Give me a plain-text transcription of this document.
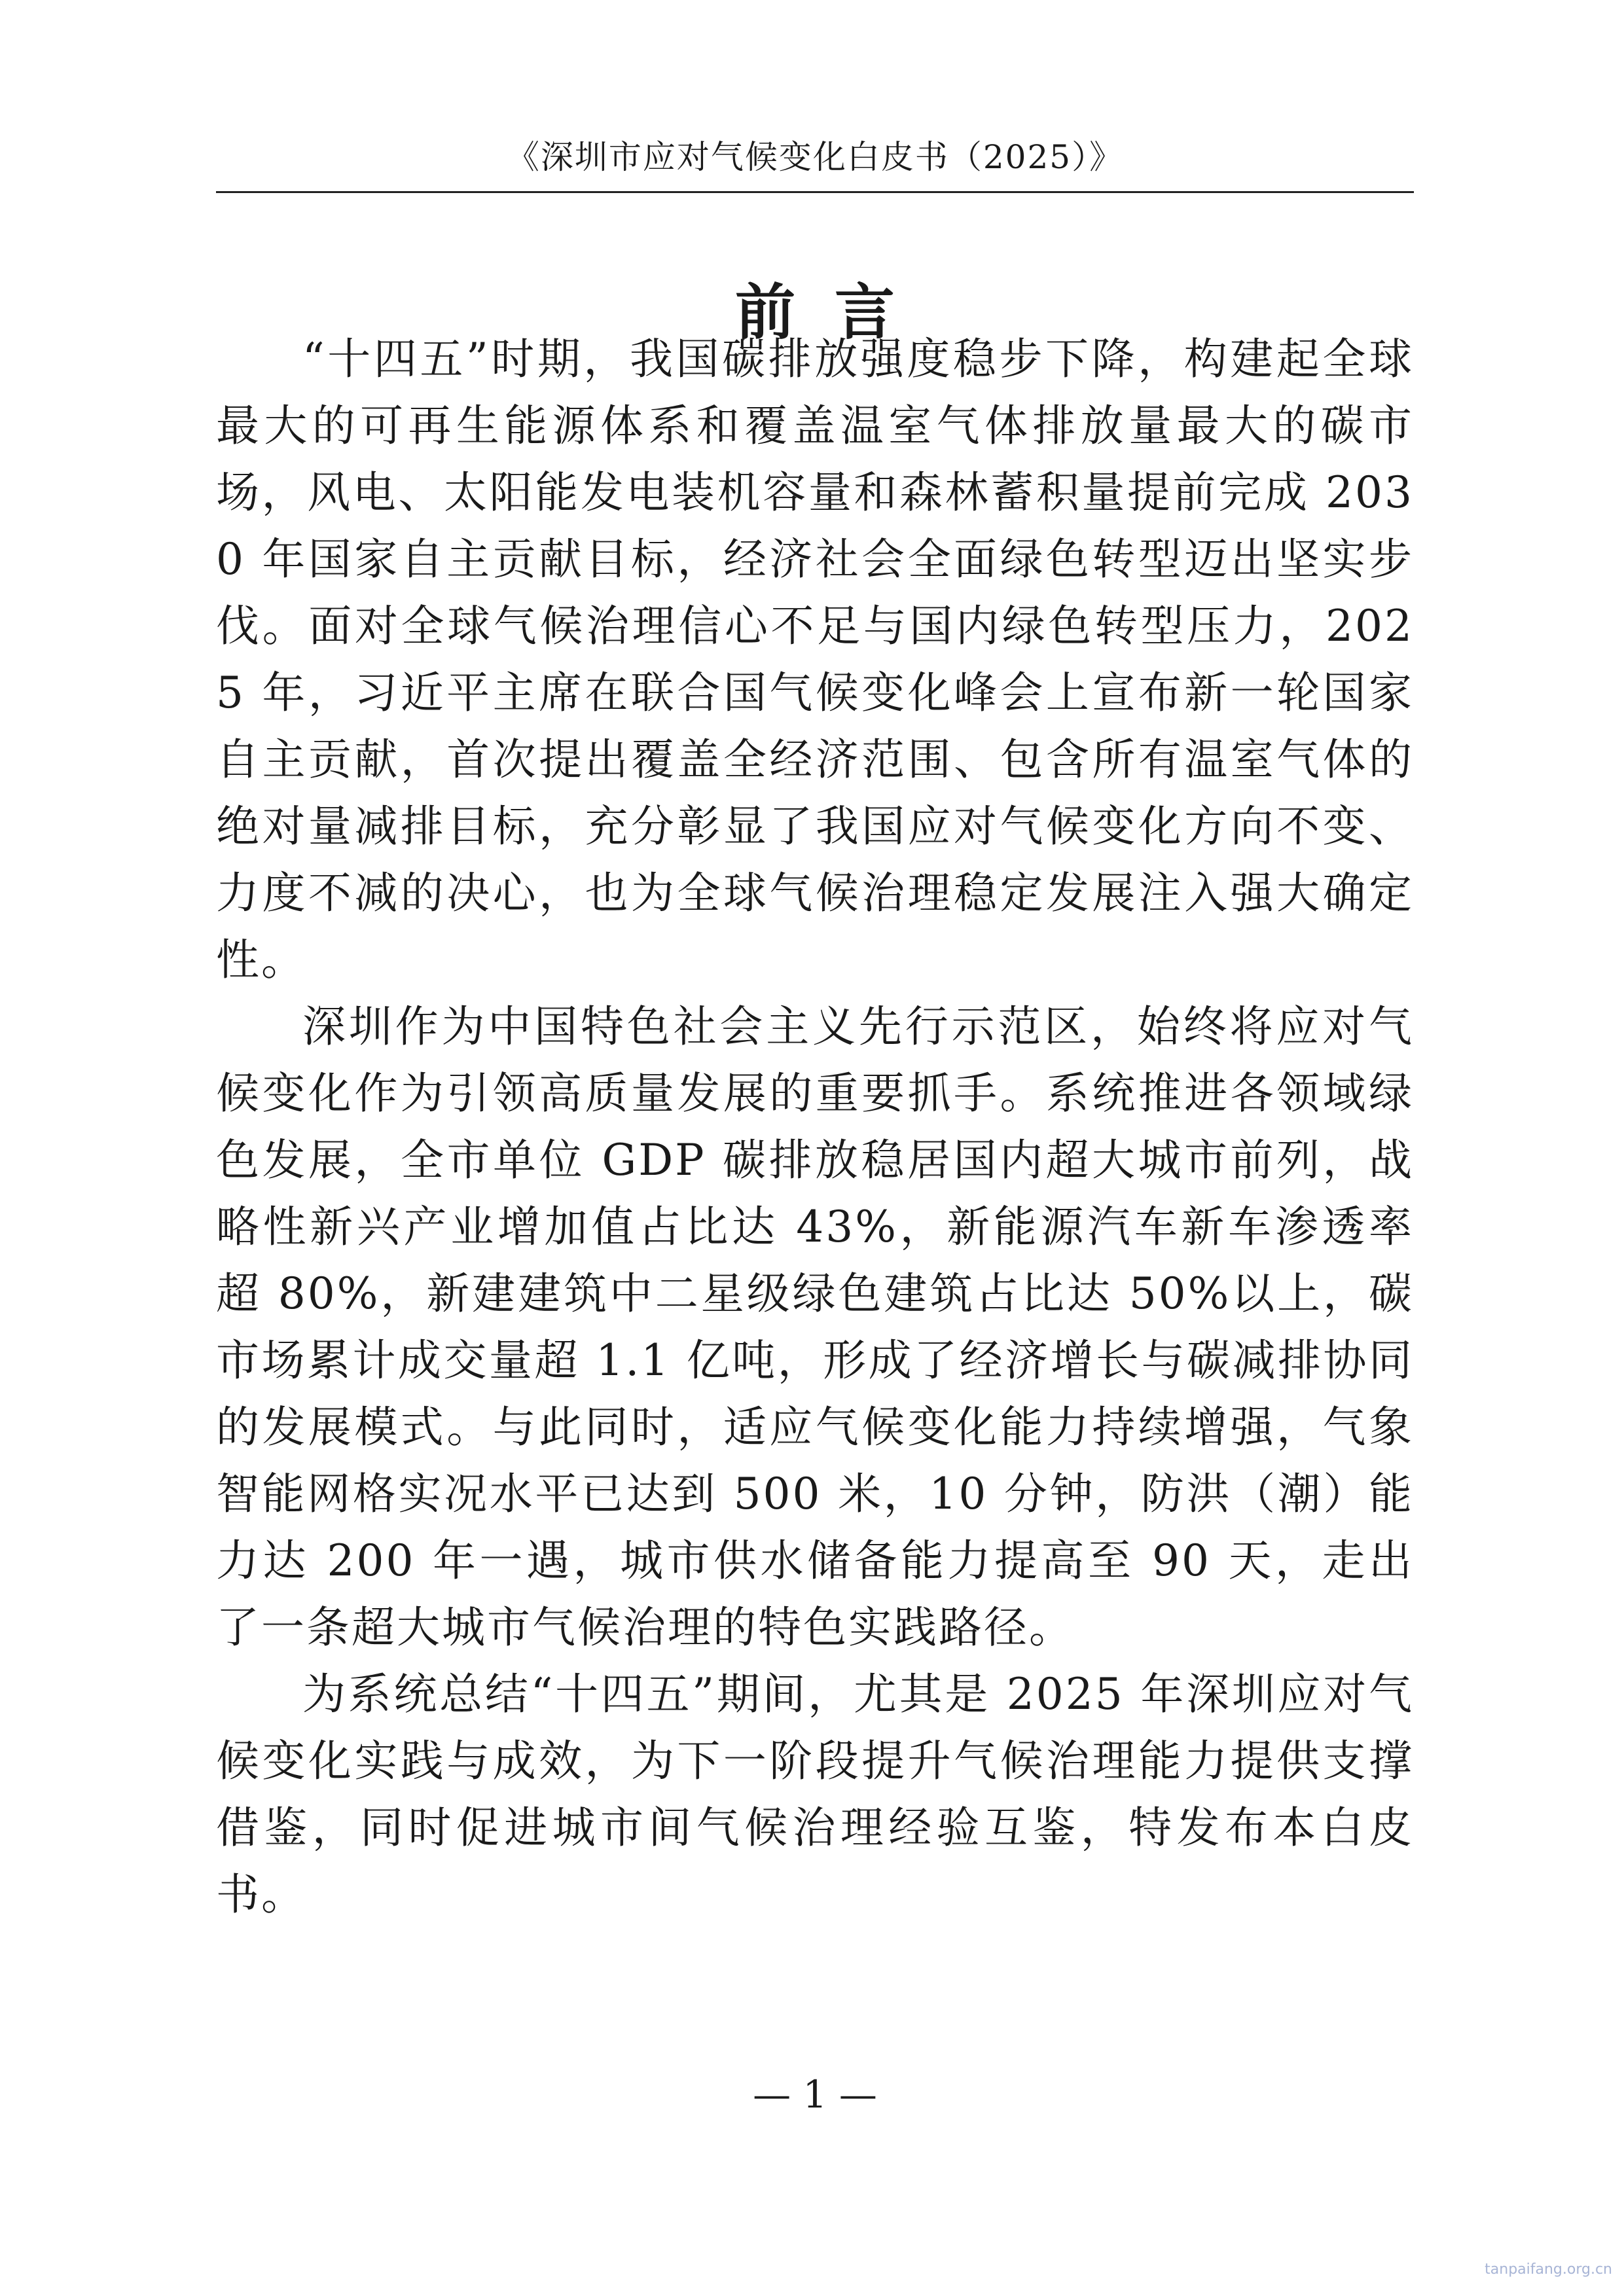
《深圳市应对气候变化白皮书（2025）》
前言

“十四五”时期，我国碳排放强度稳步下降，构建起全球最大的可再生能源体系和覆盖温室气体排放量最大的碳市场，风电、太阳能发电装机容量和森林蓄积量提前完成 2030 年国家自主贡献目标，经济社会全面绿色转型迈出坚实步伐。面对全球气候治理信心不足与国内绿色转型压力，2025 年，习近平主席在联合国气候变化峰会上宣布新一轮国家自主贡献，首次提出覆盖全经济范围、包含所有温室气体的绝对量减排目标，充分彰显了我国应对气候变化方向不变、力度不减的决心，也为全球气候治理稳定发展注入强大确定性。

深圳作为中国特色社会主义先行示范区，始终将应对气候变化作为引领高质量发展的重要抓手。系统推进各领域绿色发展，全市单位 GDP 碳排放稳居国内超大城市前列，战略性新兴产业增加值占比达 43%，新能源汽车新车渗透率超 80%，新建建筑中二星级绿色建筑占比达 50%以上，碳市场累计成交量超 1.1 亿吨，形成了经济增长与碳减排协同的发展模式。与此同时，适应气候变化能力持续增强，气象智能网格实况水平已达到 500 米，10 分钟，防洪（潮）能力达 200 年一遇，城市供水储备能力提高至 90 天，走出了一条超大城市气候治理的特色实践路径。

为系统总结“十四五”期间，尤其是 2025 年深圳应对气候变化实践与成效，为下一阶段提升气候治理能力提供支撑借鉴，同时促进城市间气候治理经验互鉴，特发布本白皮书。

— 1 —
tanpaifang.org.cn
